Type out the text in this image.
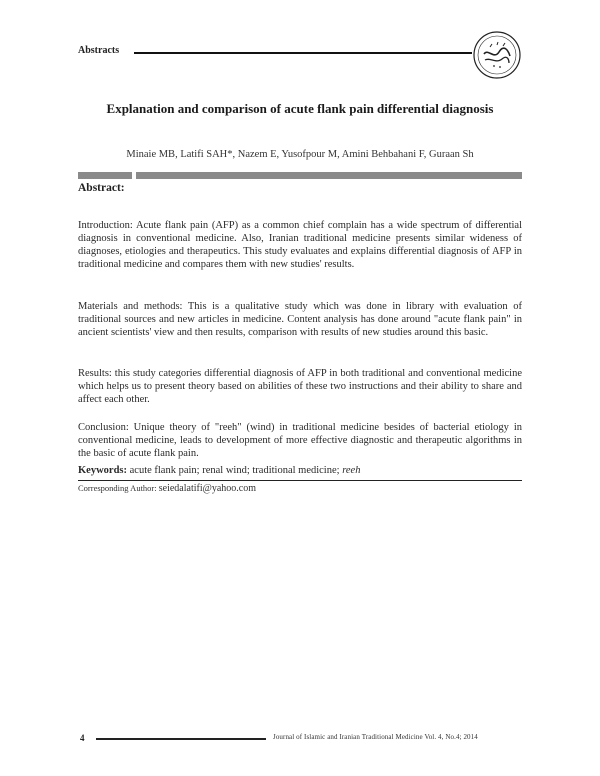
Abstracts
Explanation and comparison of acute flank pain differential diagnosis
Minaie MB, Latifi SAH*, Nazem E, Yusofpour M, Amini Behbahani F, Guraan Sh
Abstract:

Introduction: Acute flank pain (AFP) as a common chief complain has a wide spectrum of differential diagnosis in conventional medicine. Also, Iranian traditional medicine presents similar wideness of diagnoses, etiologies and therapeutics. This study evaluates and explains differential diagnosis of AFP in traditional medicine and compares them with new studies' results.

Materials and methods: This is a qualitative study which was done in library with evaluation of traditional sources and new articles in medicine. Content analysis has done around "acute flank pain" in ancient scientists' view and then results, comparison with results of new studies around this basic.

Results: this study categories differential diagnosis of AFP in both traditional and conventional medicine which helps us to present theory based on abilities of these two instructions and their ability to share and affect each other.

Conclusion: Unique theory of "reeh" (wind) in traditional medicine besides of bacterial etiology in conventional medicine, leads to development of more effective diagnostic and therapeutic algorithms in the basic of acute flank pain.

Keywords: acute flank pain; renal wind; traditional medicine; reeh
Corresponding Author: seiedalatifi@yahoo.com
4	Journal of Islamic and Iranian Traditional Medicine Vol. 4, No.4; 2014
